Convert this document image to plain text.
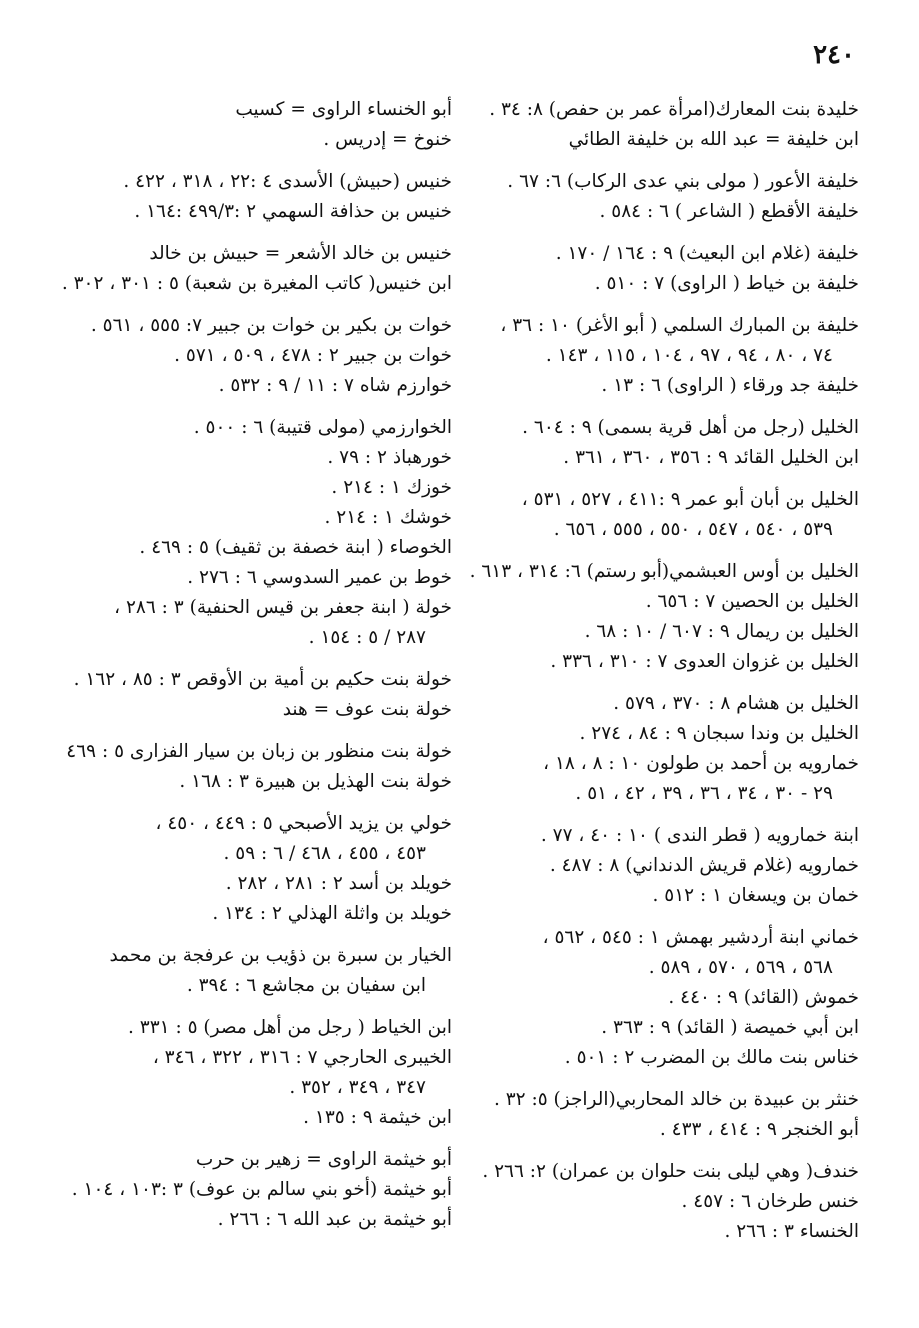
٢٤٠
خليدة بنت المعارك(امرأة عمر بن حفص) ٨: ٣٤ .
ابن خليفة = عبد الله بن خليفة الطائي
خليفة الأعور ( مولى بني عدى الركاب) ٦: ٦٧ .
خليفة الأقطع ( الشاعر ) ٦ : ٥٨٤ .
خليفة (غلام ابن البعيث) ٩ : ١٦٤ / ١٧٠ .
خليفة بن خياط ( الراوى) ٧ : ٥١٠ .
خليفة بن المبارك السلمي ( أبو الأغر) ١٠ : ٣٦ ،
٧٤ ، ٨٠ ، ٩٤ ، ٩٧ ، ١٠٤ ، ١١٥ ، ١٤٣ .
خليفة جد ورقاء ( الراوى) ٦ : ١٣ .
الخليل (رجل من أهل قرية بسمى) ٩ : ٦٠٤ .
ابن الخليل القائد ٩ : ٣٥٦ ، ٣٦٠ ، ٣٦١ .
الخليل بن أبان أبو عمر ٩ :٤١١ ، ٥٢٧ ، ٥٣١ ،
٥٣٩ ، ٥٤٠ ، ٥٤٧ ، ٥٥٠ ، ٥٥٥ ، ٦٥٦ .
الخليل بن أوس العبشمي(أبو رستم) ٦: ٣١٤ ، ٦١٣ .
الخليل بن الحصين ٧ : ٦٥٦ .
الخليل بن ريمال ٩ : ٦٠٧ / ١٠ : ٦٨ .
الخليل بن غزوان العدوى ٧ : ٣١٠ ، ٣٣٦ .
الخليل بن هشام ٨ : ٣٧٠ ، ٥٧٩ .
الخليل بن وندا سبجان ٩ : ٨٤ ، ٢٧٤ .
خمارويه بن أحمد بن طولون ١٠ : ٨ ، ١٨ ،
٢٩ - ٣٠ ، ٣٤ ، ٣٦ ، ٣٩ ، ٤٢ ، ٥١ .
ابنة خمارويه ( قطر الندى ) ١٠ : ٤٠ ، ٧٧ .
خمارويه (غلام قريش الدنداني) ٨ : ٤٨٧ .
خمان بن ويسغان ١ : ٥١٢ .
خماني ابنة أردشير بهمش ١ : ٥٤٥ ، ٥٦٢ ،
٥٦٨ ، ٥٦٩ ، ٥٧٠ ، ٥٨٩ .
خموش (القائد) ٩ : ٤٤٠ .
ابن أبي خميصة ( القائد) ٩ : ٣٦٣ .
خناس بنت مالك بن المضرب ٢ : ٥٠١ .
خنثر بن عبيدة بن خالد المحاربي(الراجز) ٥: ٣٢ .
أبو الخنجر ٩ : ٤١٤ ، ٤٣٣ .
خندف( وهي ليلى بنت حلوان بن عمران) ٢: ٢٦٦ .
خنس طرخان ٦ : ٤٥٧ .
الخنساء ٣ : ٢٦٦ .
أبو الخنساء الراوى = كسيب
خنوخ = إدريس .
خنيس (حبيش) الأسدى ٤ :٢٢ ، ٣١٨ ، ٤٢٢ .
خنيس بن حذافة السهمي ٢ :٤٩٩/٣ :١٦٤ .
خنيس بن خالد الأشعر = حبيش بن خالد
ابن خنيس( كاتب المغيرة بن شعبة) ٥ : ٣٠١ ، ٣٠٢ .
خوات بن بكير بن خوات بن جبير ٧: ٥٥٥ ، ٥٦١ .
خوات بن جبير ٢ : ٤٧٨ ، ٥٠٩ ، ٥٧١ .
خوارزم شاه ٧ : ١١ / ٩ : ٥٣٢ .
الخوارزمي (مولى قتيبة) ٦ : ٥٠٠ .
خورهباذ ٢ : ٧٩ .
خوزك ١ : ٢١٤ .
خوشك ١ : ٢١٤ .
الخوصاء ( ابنة خصفة بن ثقيف) ٥ : ٤٦٩ .
خوط بن عمير السدوسي ٦ : ٢٧٦ .
خولة ( ابنة جعفر بن قيس الحنفية) ٣ : ٢٨٦ ،
٢٨٧ / ٥ : ١٥٤ .
خولة بنت حكيم بن أمية بن الأوقص ٣ : ٨٥ ، ١٦٢ .
خولة بنت عوف = هند
خولة بنت منظور بن زبان بن سيار الفزارى ٥ : ٤٦٩
خولة بنت الهذيل بن هبيرة ٣ : ١٦٨ .
خولي بن يزيد الأصبحي ٥ : ٤٤٩ ، ٤٥٠ ،
٤٥٣ ، ٤٥٥ ، ٤٦٨ / ٦ : ٥٩ .
خويلد بن أسد ٢ : ٢٨١ ، ٢٨٢ .
خويلد بن واثلة الهذلي ٢ : ١٣٤ .
الخيار بن سبرة بن ذؤيب بن عرفجة بن محمد
ابن سفيان بن مجاشع ٦ : ٣٩٤ .
ابن الخياط ( رجل من أهل مصر) ٥ : ٣٣١ .
الخيبرى الحارجي ٧ : ٣١٦ ، ٣٢٢ ، ٣٤٦ ،
٣٤٧ ، ٣٤٩ ، ٣٥٢ .
ابن خيثمة ٩ : ١٣٥ .
أبو خيثمة الراوى = زهير بن حرب
أبو خيثمة (أخو بني سالم بن عوف) ٣ :١٠٣ ، ١٠٤ .
أبو خيثمة بن عبد الله ٦ : ٢٦٦ .
